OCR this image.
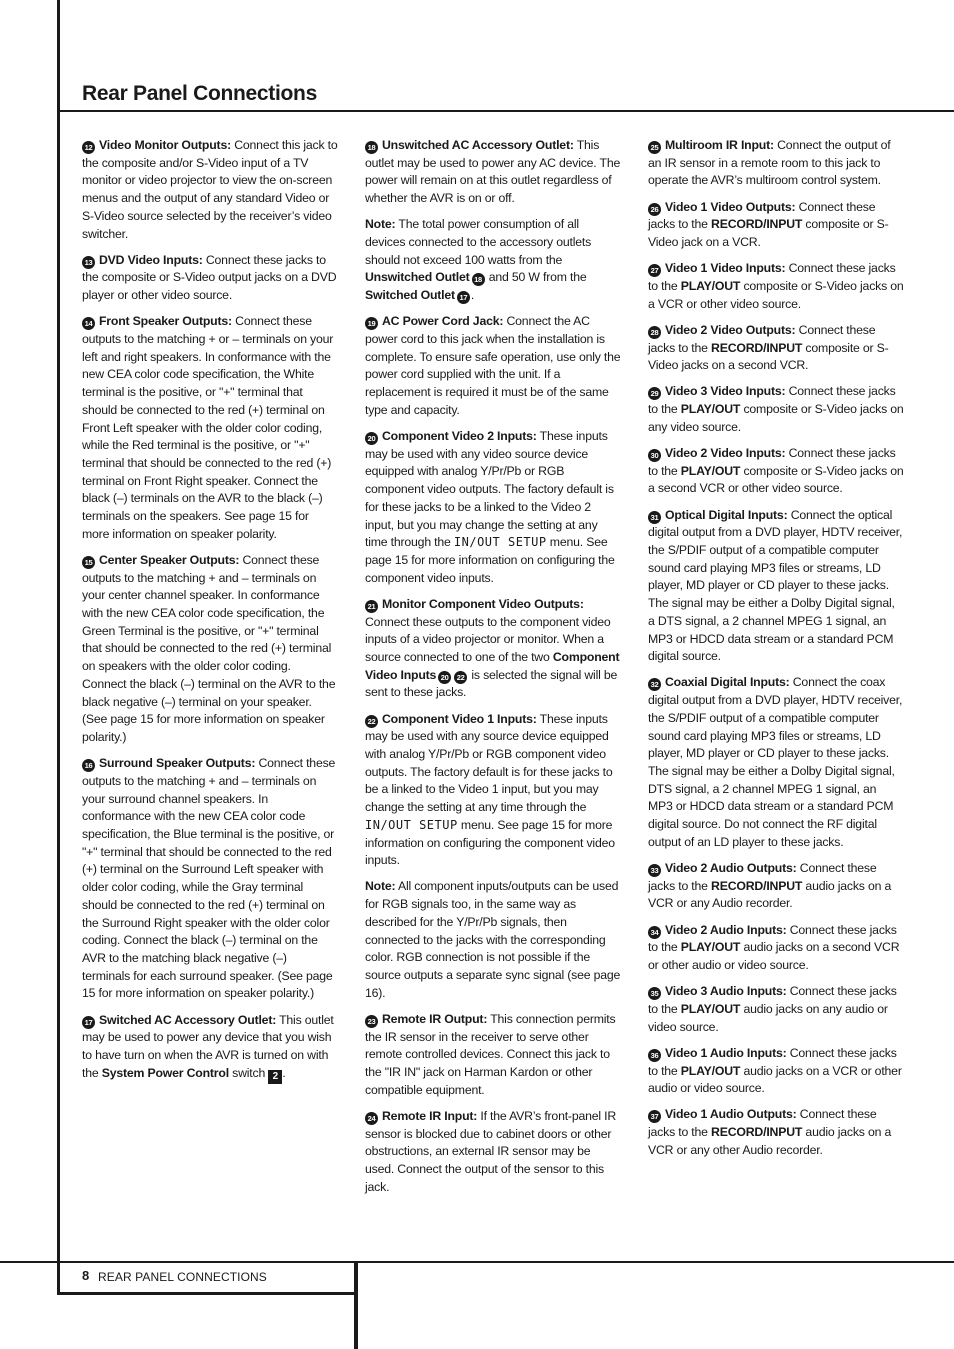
Rear Panel Connections

12 Video Monitor Outputs: Connect this jack to the composite and/or S-Video input of a TV monitor or video projector to view the on-screen menus and the output of any standard Video or S-Video source selected by the receiver’s video switcher.

13 DVD Video Inputs: Connect these jacks to the composite or S-Video output jacks on a DVD player or other video source.

14 Front Speaker Outputs: Connect these outputs to the matching + or – terminals on your left and right speakers. In conformance with the new CEA color code specification, the White terminal is the positive, or "+" terminal that should be connected to the red (+) terminal on Front Left speaker with the older color coding, while the Red terminal is the positive, or "+" terminal that should be connected to the red (+) terminal on Front Right speaker. Connect the black (–) terminals on the AVR to the black (–) terminals on the speakers. See page 15 for more information on speaker polarity.

15 Center Speaker Outputs: Connect these outputs to the matching + and – terminals on your center channel speaker. In conformance with the new CEA color code specification, the Green Terminal is the positive, or "+" terminal that should be connected to the red (+) terminal on speakers with the older color coding. Connect the black (–) terminal on the AVR to the black negative (–) terminal on your speaker. (See page 15 for more information on speaker polarity.)

16 Surround Speaker Outputs: Connect these outputs to the matching + and – terminals on your surround channel speakers. In conformance with the new CEA color code specification, the Blue terminal is the positive, or "+" terminal that should be connected to the red (+) terminal on the Surround Left speaker with older color coding, while the Gray terminal should be connected to the red (+) terminal on the Surround Right speaker with the older color coding. Connect the black (–) terminal on the AVR to the matching black negative (–) terminals for each surround speaker. (See page 15 for more information on speaker polarity.)

17 Switched AC Accessory Outlet: This outlet may be used to power any device that you wish to have turn on when the AVR is turned on with the System Power Control switch 2 .

18 Unswitched AC Accessory Outlet: This outlet may be used to power any AC device. The power will remain on at this outlet regardless of whether the AVR is on or off.

Note: The total power consumption of all devices connected to the accessory outlets should not exceed 100 watts from the Unswitched Outlet 18 and 50 W from the Switched Outlet 17 .

19 AC Power Cord Jack: Connect the AC power cord to this jack when the installation is complete. To ensure safe operation, use only the power cord supplied with the unit. If a replacement is required it must be of the same type and capacity.

20 Component Video 2 Inputs: These inputs may be used with any video source device equipped with analog Y/Pr/Pb or RGB component video outputs. The factory default is for these jacks to be a linked to the Video 2 input, but you may change the setting at any time through the IN/OUT SETUP menu. See page 15 for more information on configuring the component video inputs.

21 Monitor Component Video Outputs: Connect these outputs to the component video inputs of a video projector or monitor. When a source connected to one of the two Component Video Inputs 20 22 is selected the signal will be sent to these jacks.

22 Component Video 1 Inputs: These inputs may be used with any source device equipped with analog Y/Pr/Pb or RGB component video outputs. The factory default is for these jacks to be a linked to the Video 1 input, but you may change the setting at any time through the IN/OUT SETUP menu. See page 15 for more information on configuring the component video inputs.

Note: All component inputs/outputs can be used for RGB signals too, in the same way as described for the Y/Pr/Pb signals, then connected to the jacks with the corresponding color. RGB connection is not possible if the source outputs a separate sync signal (see page 16).

23 Remote IR Output: This connection permits the IR sensor in the receiver to serve other remote controlled devices. Connect this jack to the "IR IN" jack on Harman Kardon or other compatible equipment.

24 Remote IR Input: If the AVR’s front-panel IR sensor is blocked due to cabinet doors or other obstructions, an external IR sensor may be used. Connect the output of the sensor to this jack.

25 Multiroom IR Input: Connect the output of an IR sensor in a remote room to this jack to operate the AVR’s multiroom control system.

26 Video 1 Video Outputs: Connect these jacks to the RECORD/INPUT composite or S-Video jack on a VCR.

27 Video 1 Video Inputs: Connect these jacks to the PLAY/OUT composite or S-Video jacks on a VCR or other video source.

28 Video 2 Video Outputs: Connect these jacks to the RECORD/INPUT composite or S-Video jacks on a second VCR.

29 Video 3 Video Inputs: Connect these jacks to the PLAY/OUT composite or S-Video jacks on any video source.

30 Video 2 Video Inputs: Connect these jacks to the PLAY/OUT composite or S-Video jacks on a second VCR or other video source.

31 Optical Digital Inputs: Connect the optical digital output from a DVD player, HDTV receiver, the S/PDIF output of a compatible computer sound card playing MP3 files or streams, LD player, MD player or CD player to these jacks. The signal may be either a Dolby Digital signal, a DTS signal, a 2 channel MPEG 1 signal, an MP3 or HDCD data stream or a standard PCM digital source.

32 Coaxial Digital Inputs: Connect the coax digital output from a DVD player, HDTV receiver, the S/PDIF output of a compatible computer sound card playing MP3 files or streams, LD player, MD player or CD player to these jacks. The signal may be either a Dolby Digital signal, DTS signal, a 2 channel MPEG 1 signal, an MP3 or HDCD data stream or a standard PCM digital source. Do not connect the RF digital output of an LD player to these jacks.

33 Video 2 Audio Outputs: Connect these jacks to the RECORD/INPUT audio jacks on a VCR or any Audio recorder.

34 Video 2 Audio Inputs: Connect these jacks to the PLAY/OUT audio jacks on a second VCR or other audio or video source.

35 Video 3 Audio Inputs: Connect these jacks to the PLAY/OUT audio jacks on any audio or video source.

36 Video 1 Audio Inputs: Connect these jacks to the PLAY/OUT audio jacks on a VCR or other audio or video source.

37 Video 1 Audio Outputs: Connect these jacks to the RECORD/INPUT audio jacks on a VCR or any other Audio recorder.

8 REAR PANEL CONNECTIONS
